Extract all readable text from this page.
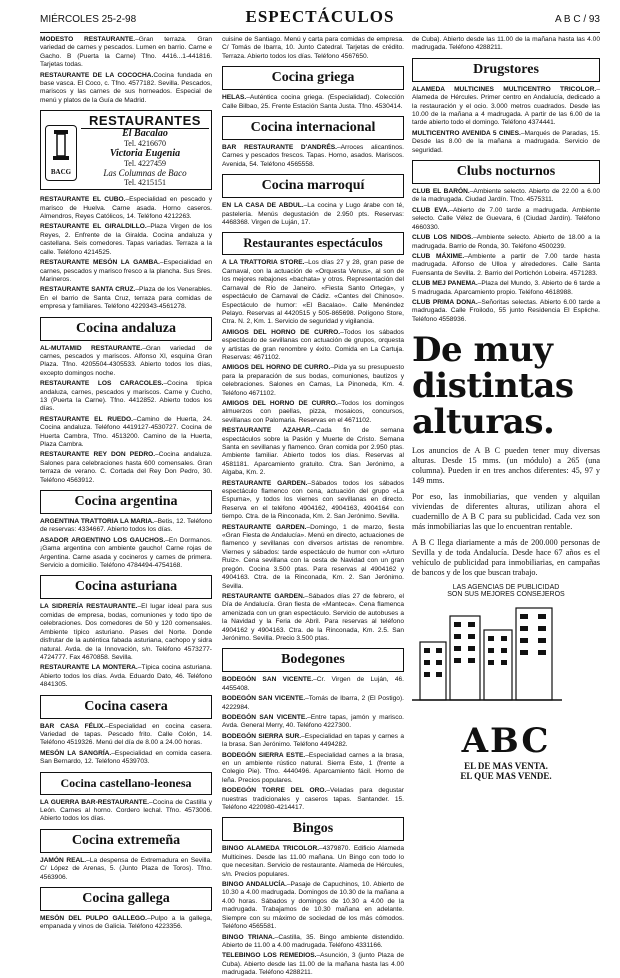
MIÉRCOLES 25-2-98	ESPECTÁCULOS	A B C / 93

MODESTO RESTAURANTE.–Gran terraza. Gran variedad de carnes y pescados. Lumen en barrio. Carne e Gacho. B (Puerta la Carne) Tfno. 4416...1-441816. Tarjetas todas.

RESTAURANTE DE LA COCOCHA.Cocina fundada en base vasca. El Coco, c. Tfno. 4577182. Sevilla. Pescados, mariscos y las carnes de sus horneados. Especial de menú y platos de la Guía de Madrid.

BACG
RESTAURANTES
El Bacalao
Tel. 4216670
Victoria Eugenia
Tel. 4227459
Las Columnas de Baco
Tel. 4215151

RESTAURANTE EL CUBO.–Especialidad en pescado y marisco de Huelva. Carne asada. Horno caseros. Almendros, Reyes Católicos, 14. Teléfono 4212263.

RESTAURANTE EL GIRALDILLO.–Plaza Virgen de los Reyes, 2. Enfrente de la Giralda. Cocina andaluza y castellana. Seis comedores. Tapas variadas. Terraza a la calle. Teléfono 4214525.

RESTAURANTE MESÓN LA GAMBA.–Especialidad en carnes, pescados y marisco fresco a la plancha. Sus Sres. Marineros.

RESTAURANTE SANTA CRUZ.–Plaza de los Venerables. En el barrio de Santa Cruz, terraza para comidas de empresa y familiares. Teléfono 4229343-4561278.

Cocina andaluza

AL-MUTAMID RESTAURANTE.–Gran variedad de carnes, pescados y mariscos. Alfonso XI, esquina Gran Plaza. Tfno. 4205504-4305533. Abierto todos los días, excepto domingos noche.

RESTAURANTE LOS CARACOLES.–Cocina típica andaluza, carnes, pescados y mariscos. Carne y Cucho, 13 (Puerta la Carne). Tfno. 4412852. Abierto todos los días.

RESTAURANTE EL RUEDO.–Camino de Huerta, 24. Cocina andaluza. Teléfono 4419127-4530727. Cocina de Huerta Cambra, Tfno. 4513200. Camino de la Huerta, Plaza Cambra.

RESTAURANTE REY DON PEDRO.–Cocina andaluza. Salones para celebraciones hasta 600 comensales. Gran terraza de verano. C. Cortada del Rey Don Pedro, 30. Teléfono 4563912.

Cocina argentina

ARGENTINA TRATTORIA LA MARIA.–Betis, 12. Teléfono de reservas: 4334667. Abierto todos los días.

ASADOR ARGENTINO LOS GAUCHOS.–En Dormanos. ¡Gama argentina con ambiente gaucho! Carne rojas de Argentina. Carne asada y cocineros y carnes de primera. Servicio a domicilio. Teléfono 4784494-4754168.

Cocina asturiana

LA SIDRERÍA RESTAURANTE.–El lugar ideal para sus comidas de empresa, bodas, comuniones y todo tipo de celebraciones. Dos comedores de 50 y 120 comensales. Ambiente típico asturiano. Pases del Norte. Donde disfrutar de la auténtica fabada asturiana, cachopo y sidra natural. Avda. de la Innovación, s/n. Teléfono 4573277-4724777. Fax 4670858. Sevilla.

RESTAURANTE LA MONTERA.–Típica cocina asturiana. Abierto todos los días. Avda. Eduardo Dato, 46. Teléfono 4841305.

Cocina casera

BAR CASA FÉLIX.–Especialidad en cocina casera. Variedad de tapas. Pescado frito. Calle Colón, 14. Teléfono 4519326. Menú del día de 8.00 a 24.00 horas.

MESÓN LA SANGRÍA.–Especialidad en comida casera. San Bernardo, 12. Teléfono 4539703.

Cocina castellano-leonesa

LA GUERRA BAR-RESTAURANTE.–Cocina de Castilla y León. Carnes al horno. Cordero lechal. Tfno. 4573006. Abierto todos los días.

Cocina extremeña

JAMÓN REAL.–La despensa de Extremadura en Sevilla. C/ López de Arenas, 5. (Junto Plaza de Toros). Tfno. 4563906.

Cocina gallega

MESÓN DEL PULPO GALLEGO.–Pulpo a la gallega, empanada y vinos de Galicia. Teléfono 4223356.

cuisine de Santiago. Menú y carta para comidas de empresa. C/ Tomás de Ibarra, 10. Junto Catedral. Tarjetas de crédito. Terraza. Abierto todos los días. Teléfono 4567650.

Cocina griega

HELAS.–Auténtica cocina griega. (Especialidad). Colección Calle Bilbao, 25. Frente Estación Santa Justa. Tfno. 4530414.

Cocina internacional

BAR RESTAURANTE D'ANDRÉS.–Arroces alicantinos. Carnes y pescados frescos. Tapas. Horno, asados. Mariscos. Avenida, 54. Teléfono 4565558.

Cocina marroquí

EN LA CASA DE ABDUL.–La cocina y Lugo árabe con té, pastelería. Menús degustación de 2.950 pts. Reservas: 4468368. Virgen de Luján, 17.

Restaurantes espectáculos

A LA TRATTORIA STORE.–Los días 27 y 28, gran pase de Carnaval, con la actuación de «Orquesta Venus», al son de los mejores rebajones «bachata» y otros. Representación del Carnaval de Río de Janeiro. «Fiesta Santo Ortega», y espectáculo de Carnaval de Cádiz. «Cantes del Chinoso». Espectáculo de humor: «El Bacalao». Calle Menéndez Pelayo. Reservas al 4420515 y 505-865698. Polígono Store, Ctra. N. 2, Km. 1. Servicio de seguridad y vigilancia.

AMIGOS DEL HORNO DE CURRO.–Todos los sábados espectáculo de sevillanas con actuación de grupos, orquesta y artistas de gran renombre y éxito. Comida en La Cartuja. Reservas: 4671102.

AMIGOS DEL HORNO DE CURRO.–Pida ya su presupuesto para la preparación de sus bodas, comuniones, bautizos y celebraciones. Salones en Camas, La Pinoneda, Km. 4. Teléfono 4671102.

AMIGOS DEL HORNO DE CURRO.–Todos los domingos almuerzos con paellas, pizza, mosaicos, concursos, sevillanas con Palomaria. Reservas en el 4671102.

RESTAURANTE AZAHAR.–Cada fin de semana espectáculos sobre la Pasión y Muerte de Cristo. Semana Santa en sevillanas y flamenco. Gran comida por 2.950 ptas. Ambiente familiar. Abierto todos los días. Reservas al 4581181. Aparcamiento gratuito. Ctra. San Jerónimo, a Algaba, Km. 2.

RESTAURANTE GARDEN.–Sábados todos los sábados espectáculo flamenco con cena, actuación del grupo «La Espuma», y todos los viernes con sevillanas en directo. Reserva en el teléfono 4904162, 4904163, 4904164 con tiempo. Ctra. de la Rinconada, Km. 2. San Jerónimo. Sevilla.

RESTAURANTE GARDEN.–Domingo, 1 de marzo, fiesta «Gran Fiesta de Andalucía». Menú en directo, actuaciones de flamenco y sevillanas con diversos artistas de renombre. Viernes y sábados: tarde espectáculo de humor con «Arturo Ruiz». Cena sevillana con la cesta de Navidad con un gran pregón. Cocina 3.500 ptas. Para reservas al 4904162 y 4904163. Ctra. de la Rinconada, Km. 2. San Jerónimo. Sevilla.

RESTAURANTE GARDEN.–Sábados días 27 de febrero, el Día de Andalucía. Gran fiesta de «Manteca». Cena flamenca amenizada con un gran espectáculo. Servicio de autobuses a la Navidad y la Feria de Abril. Para reservas al teléfono 4904162 y 4904163. Ctra. de la Rinconada, Km. 2.5. San Jerónimo. Sevilla. Precio 3.500 ptas.

Bodegones

BODEGÓN SAN VICENTE.–Cr. Virgen de Luján, 46. 4455408.

BODEGÓN SAN VICENTE.–Tomás de Ibarra, 2 (El Postigo). 4222984.

BODEGÓN SAN VICENTE.–Entre tapas, jamón y marisco. Avda. General Merry, 40. Teléfono 4227300.

BODEGÓN SIERRA SUR.–Especialidad en tapas y carnes a la brasa. San Jerónimo. Teléfono 4494282.

BODEGÓN SIERRA ESTE.–Especialidad carnes a la brasa, en un ambiente rústico natural. Sierra Este, 1 (frente a Colegio Pie). Tfno. 4440496. Aparcamiento fácil. Horno de leña. Precios populares.

BODEGÓN TORRE DEL ORO.–Veladas para degustar nuestras tradicionales y caseros tapas. Santander. 15. Teléfono 4220980-4214417.

Bingos

BINGO ALAMEDA TRICOLOR.–4379870. Edificio Alameda Multicines. Desde las 11.00 mañana. Un Bingo con todo lo que necesitan. Servicio de restaurante. Alameda de Hércules, s/n. Precios populares.

BINGO ANDALUCÍA.–Pasaje de Capuchinos, 10. Abierto de 10.30 a 4.00 madrugada. Domingos de 10.30 de la mañana a 4.00 horas. Sábados y domingos de 10.30 a 4.00 de la madrugada. Trabajamos de 10.30 mañana en adelante. Siempre con su máximo de sociedad de los más cómodos. Teléfono 4565581.

BINGO TRIANA.–Castilla, 35. Bingo ambiente distendido. Abierto de 11.00 a 4.00 madrugada. Teléfono 4331166.

TELEBINGO LOS REMEDIOS.–Asunción, 3 (junto Plaza de Cuba). Abierto desde las 11.00 de la mañana hasta las 4.00 madrugada. Teléfono 4288211.

de Cuba). Abierto desde las 11.00 de la mañana hasta las 4.00 madrugada. Teléfono 4288211.

Drugstores

ALAMEDA MULTICINES MULTICENTRO TRICOLOR.–Alameda de Hércules. Primer centro en Andalucía, dedicado a la restauración y el ocio. 3.000 metros cuadrados. Desde las 10.00 de la mañana a 4 madrugada. A partir de las 6.00 de la tarde abierto todo el domingo. Teléfono 4374441.

MULTICENTRO AVENIDA 5 CINES.–Marqués de Paradas, 15. Desde las 8.00 de la mañana a madrugada. Servicio de seguridad.

Clubs nocturnos

CLUB EL BARÓN.–Ambiente selecto. Abierto de 22.00 a 6.00 de la madrugada. Ciudad Jardín. Tfno. 4575311.

CLUB EVA.–Abierto de 7.00 tarde a madrugada. Ambiente selecto. Calle Vélez de Guevara, 6 (Ciudad Jardín). Teléfono 4660330.

CLUB LOS NIDOS.–Ambiente selecto. Abierto de 18.00 a la madrugada. Barrio de Ronda, 30. Teléfono 4500239.

CLUB MÁXIME.–Ambiente a partir de 7.00 tarde hasta madrugada. Alfonso de Ulloa y alrededores. Calle Santa Fuensanta de Sevilla. 2. Barrio del Portichón Lobeira. 4571283.

CLUB MEJ PANEMA.–Plaza del Mundo, 3. Abierto de 6 tarde a 5 madrugada. Aparcamiento propio. Teléfono 4618988.

CLUB PRIMA DONA.–Señoritas selectas. Abierto 6.00 tarde a madrugada. Calle Froilodo, 55 junto Residencia El Espliche. Teléfono 4558936.

De muy
distintas
alturas.

Los anuncios de A B C pueden tener muy diversas alturas. Desde 15 mms. (un módulo) a 265 (una columna). Pueden ir en tres anchos diferentes: 45, 97 y 149 mms.

Por eso, las inmobiliarias, que venden y alquilan viviendas de diferentes alturas, utilizan ahora el cuadernillo de A B C para su publicidad. Cada vez son más inmobiliarias las que lo encuentran rentable.

A B C llega diariamente a más de 200.000 personas de Sevilla y de toda Andalucía. Desde hace 67 años es el vehículo de publicidad para inmobiliarias, en campañas de bancos y de los que buscan trabajo.

LAS AGENCIAS DE PUBLICIDAD
SON SUS MEJORES CONSEJEROS
ABC
EL DE MAS VENTA.
EL QUE MAS VENDE.
